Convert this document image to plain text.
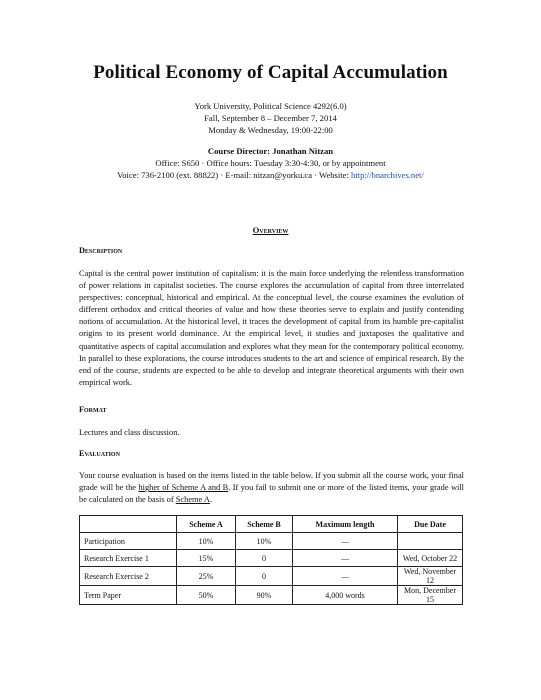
Political Economy of Capital Accumulation
York University, Political Science 4292(6.0)
Fall, September 8 – December 7, 2014
Monday & Wednesday, 19:00-22:00
Course Director: Jonathan Nitzan
Office: S650 · Office hours: Tuesday 3:30-4:30, or by appointment
Voice: 736-2100 (ext. 88822) · E-mail: nitzan@yorku.ca · Website: http://bnarchives.net/
Overview
Description
Capital is the central power institution of capitalism: it is the main force underlying the relentless transformation of power relations in capitalist societies. The course explores the accumulation of capital from three interrelated perspectives: conceptual, historical and empirical. At the conceptual level, the course examines the evolution of different orthodox and critical theories of value and how these theories serve to explain and justify contending notions of accumulation. At the historical level, it traces the development of capital from its humble pre-capitalist origins to its present world dominance. At the empirical level, it studies and juxtaposes the qualitative and quantitative aspects of capital accumulation and explores what they mean for the contemporary political economy. In parallel to these explorations, the course introduces students to the art and science of empirical research. By the end of the course, students are expected to be able to develop and integrate theoretical arguments with their own empirical work.
Format
Lectures and class discussion.
Evaluation
Your course evaluation is based on the items listed in the table below. If you submit all the course work, your final grade will be the higher of Scheme A and B. If you fail to submit one or more of the listed items, your grade will be calculated on the basis of Scheme A.
	Scheme A	Scheme B	Maximum length	Due Date
Participation	10%	10%	—	
Research Exercise 1	15%	0	—	Wed, October 22
Research Exercise 2	25%	0	—	Wed, November 12
Term Paper	50%	90%	4,000 words	Mon, December 15
